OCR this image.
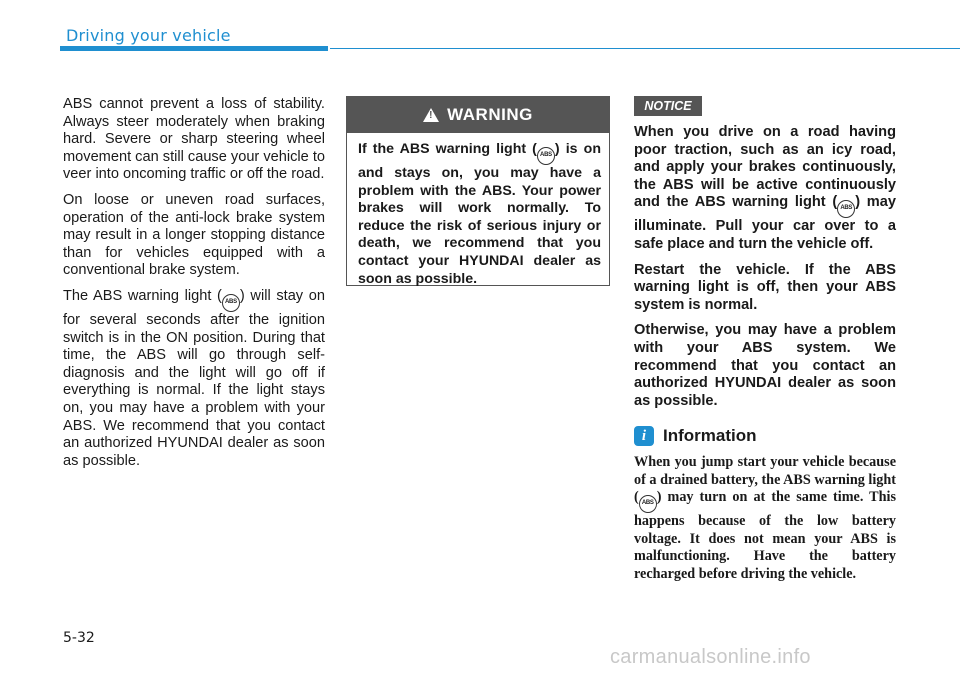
Driving your vehicle

ABS cannot prevent a loss of stability. Always steer moderately when braking hard. Severe or sharp steering wheel movement can still cause your vehicle to veer into oncoming traffic or off the road.

On loose or uneven road surfaces, operation of the anti-lock brake system may result in a longer stopping distance than for vehicles equipped with a conventional brake system.

The ABS warning light ( ABS ) will stay on for several seconds after the ignition switch is in the ON position. During that time, the ABS will go through self-diagnosis and the light will go off if everything is normal. If the light stays on, you may have a problem with your ABS. We recommend that you contact an authorized HYUNDAI dealer as soon as possible.

!
WARNING

If the ABS warning light ( ABS ) is on and stays on, you may have a problem with the ABS. Your power brakes will work normally. To reduce the risk of serious injury or death, we recommend that you contact your HYUNDAI dealer as soon as possible.

NOTICE

When you drive on a road having poor traction, such as an icy road, and apply your brakes continuously, the ABS will be active continuously and the ABS warning light ( ABS ) may illuminate. Pull your car over to a safe place and turn the vehicle off.

Restart the vehicle. If the ABS warning light is off, then your ABS system is normal.

Otherwise, you may have a problem with your ABS system. We recommend that you contact an authorized HYUNDAI dealer as soon as possible.

i Information

When you jump start your vehicle because of a drained battery, the ABS warning light ( ABS ) may turn on at the same time. This happens because of the low battery voltage. It does not mean your ABS is malfunctioning. Have the battery recharged before driving the vehicle.

5-32
carmanualsonline.info
